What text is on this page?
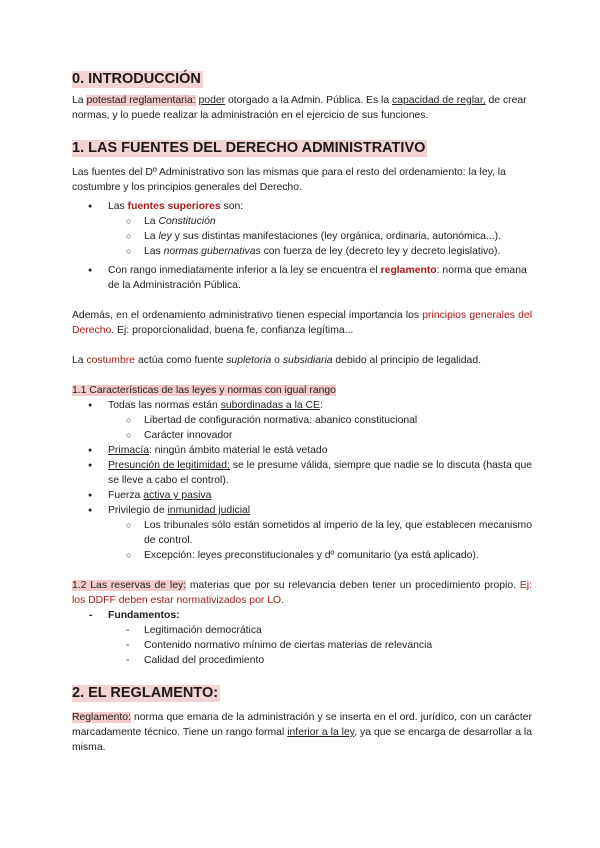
0. INTRODUCCIÓN

La potestad reglamentaria: poder otorgado a la Admin. Pública. Es la capacidad de reglar, de crear normas, y lo puede realizar la administración en el ejercicio de sus funciones.

1. LAS FUENTES DEL DERECHO ADMINISTRATIVO

Las fuentes del Dº Administrativo son las mismas que para el resto del ordenamiento: la ley, la costumbre y los principios generales del Derecho.

● Las fuentes superiores son:
○ La Constitución
○ La ley y sus distintas manifestaciones (ley orgánica, ordinaria, autonómica...).
○ Las normas gubernativas con fuerza de ley (decreto ley y decreto legislativo).
● Con rango inmediatamente inferior a la ley se encuentra el reglamento: norma que emana de la Administración Pública.

Además, en el ordenamiento administrativo tienen especial importancia los principios generales del Derecho. Ej: proporcionalidad, buena fe, confianza legítima...

La costumbre actúa como fuente supletoria o subsidiaria debido al principio de legalidad.

1.1 Características de las leyes y normas con igual rango

● Todas las normas están subordinadas a la CE:
○ Libertad de configuración normativa: abanico constitucional
○ Carácter innovador
● Primacía: ningún ámbito material le está vetado
● Presunción de legitimidad: se le presume válida, siempre que nadie se lo discuta (hasta que se lleve a cabo el control).
● Fuerza activa y pasiva
● Privilegio de inmunidad judicial
○ Los tribunales sólo están sometidos al imperio de la ley, que establecen mecanismo de control.
○ Excepción: leyes preconstitucionales y dº comunitario (ya está aplicado).

1.2 Las reservas de ley: materias que por su relevancia deben tener un procedimiento propio. Ej: los DDFF deben estar normativizados por LO.

- Fundamentos:
- Legitimación democrática
- Contenido normativo mínimo de ciertas materias de relevancia
- Calidad del procedimiento
2. EL REGLAMENTO:

Reglamento: norma que emana de la administración y se inserta en el ord. jurídico, con un carácter marcadamente técnico. Tiene un rango formal inferior a la ley, ya que se encarga de desarrollar a la misma.
